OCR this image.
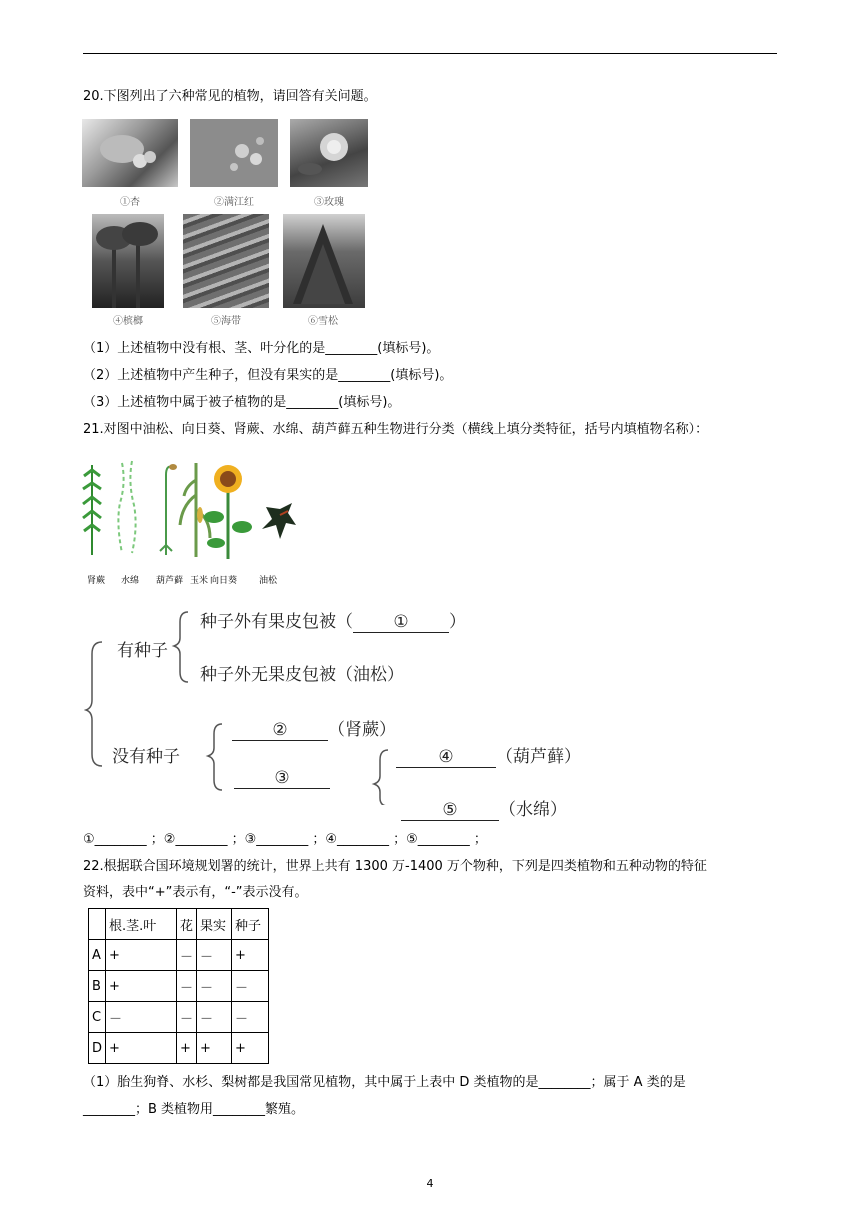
20.下图列出了六种常见的植物，请回答有关问题。
①杏	②满江红	③玫瑰
④槟榔	⑤海带	⑥雪松
（1）上述植物中没有根、茎、叶分化的是________(填标号)。
（2）上述植物中产生种子，但没有果实的是________(填标号)。
（3）上述植物中属于被子植物的是________(填标号)。
21.对图中油松、向日葵、肾蕨、水绵、葫芦藓五种生物进行分类（横线上填分类特征，括号内填植物名称）：
肾蕨 水绵 葫芦藓 玉米 向日葵 油松
有种子
种子外有果皮包被（ ① ）
种子外无果皮包被（油松）
没有种子
② （肾蕨）
③
④ （葫芦藓）
⑤ （水绵）
①________ ；②________ ；③________ ；④________ ；⑤________ ；
22.根据联合国环境规划署的统计，世界上共有 1300 万-1400 万个物种，下列是四类植物和五种动物的特征
资料，表中“+”表示有，“-”表示没有。
	根.茎.叶	花	果实	种子
A	+	－	－	+
B	+	－	－	－
C	－	－	－	－
D	+	+	+	+
（1）胎生狗脊、水杉、梨树都是我国常见植物，其中属于上表中 D 类植物的是________；属于 A 类的是
________；B 类植物用________繁殖。
4
